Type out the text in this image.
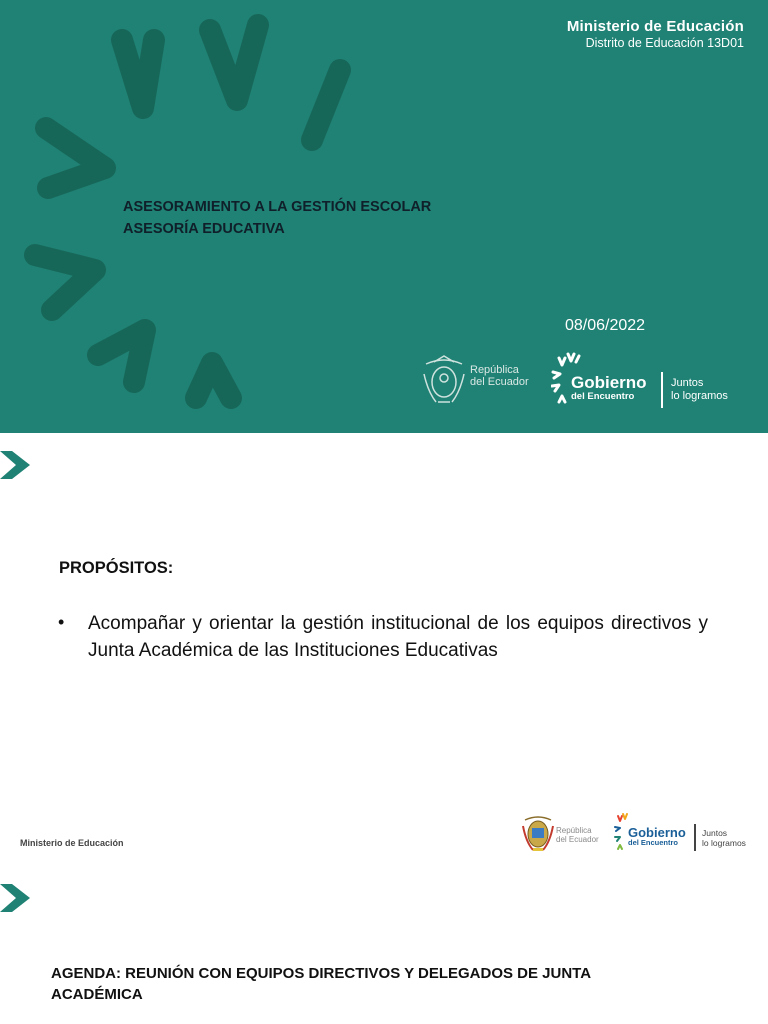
Ministerio de Educación
Distrito de Educación 13D01
ASESORAMIENTO A LA GESTIÓN ESCOLAR
ASESORÍA EDUCATIVA
08/06/2022
República
del Ecuador Gobierno
del Encuentro
Juntos
lo logramos
PROPÓSITOS:
• Acompañar y orientar la gestión institucional de los equipos directivos y Junta Académica de las Instituciones Educativas
Ministerio de Educación
República
del Ecuador Gobierno
del Encuentro
Juntos
lo logramos
AGENDA: REUNIÓN CON EQUIPOS DIRECTIVOS Y DELEGADOS DE JUNTA ACADÉMICA
